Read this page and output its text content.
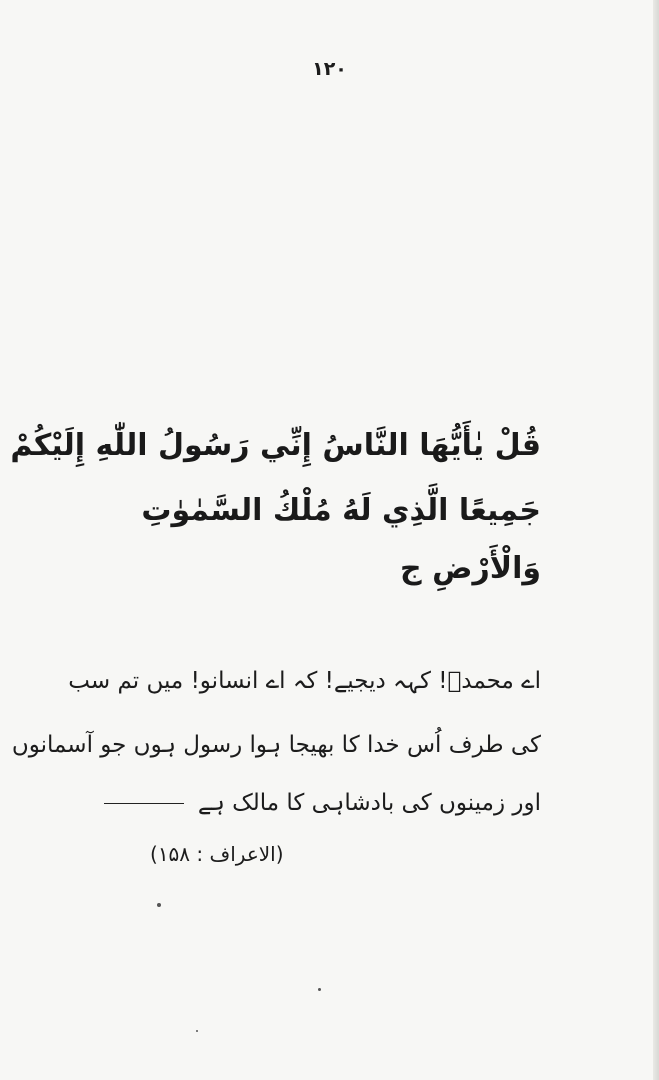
۱۲۰
قُلْ يٰأَيُّهَا النَّاسُ إِنِّي رَسُولُ اللّٰهِ إِلَيْكُمْ
جَمِيعًا الَّذِي لَهُ مُلْكُ السَّمٰوٰتِ
وَالْأَرْضِ ج
اے محمدؐ! کہہ دیجیے! کہ اے انسانو! میں تم سب
کی طرف اُس خدا کا بھیجا ہوا رسول ہوں جو آسمانوں
اور زمینوں کی بادشاہی کا مالک ہے
(الاعراف : ۱۵۸)
